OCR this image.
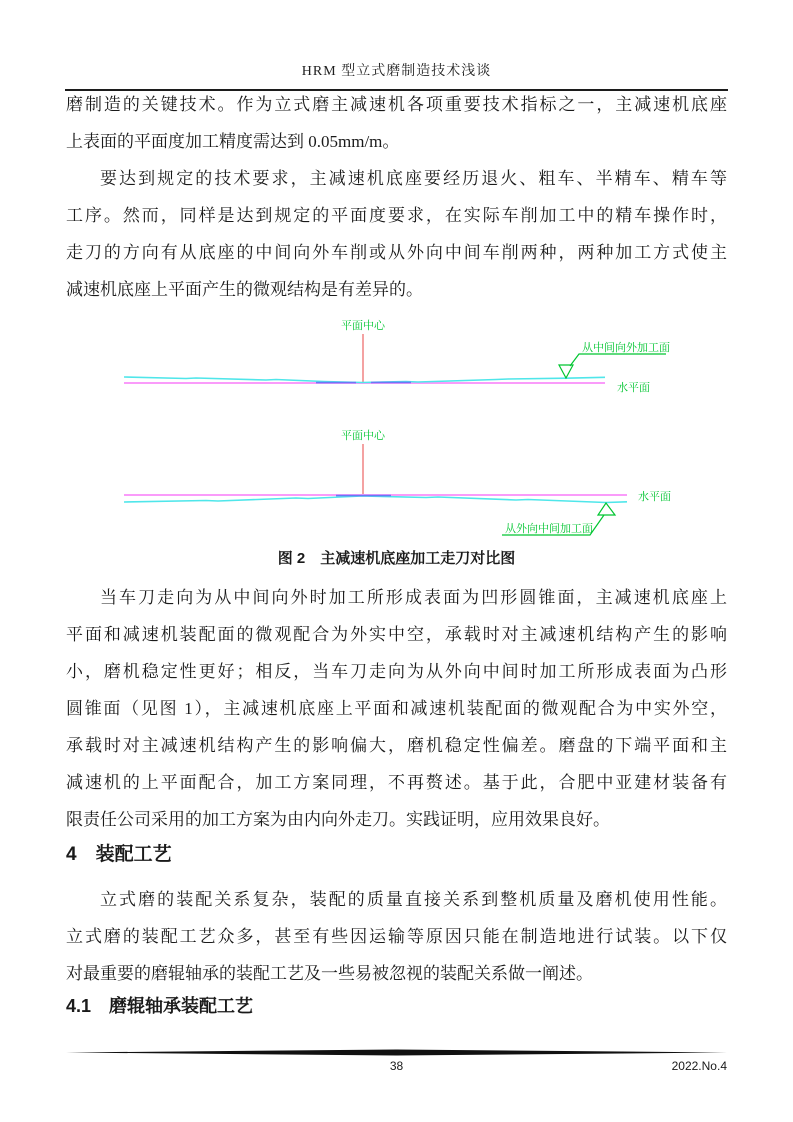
HRM 型立式磨制造技术浅谈
磨制造的关键技术。作为立式磨主减速机各项重要技术指标之一，主减速机底座
上表面的平面度加工精度需达到 0.05mm/m。
要达到规定的技术要求，主减速机底座要经历退火、粗车、半精车、精车等
工序。然而，同样是达到规定的平面度要求，在实际车削加工中的精车操作时，
走刀的方向有从底座的中间向外车削或从外向中间车削两种，两种加工方式使主
减速机底座上平面产生的微观结构是有差异的。
平面中心
从中间向外加工面
水平面
平面中心
从外向中间加工面
水平面
图 2　主减速机底座加工走刀对比图
当车刀走向为从中间向外时加工所形成表面为凹形圆锥面，主减速机底座上
平面和减速机装配面的微观配合为外实中空，承载时对主减速机结构产生的影响
小，磨机稳定性更好；相反，当车刀走向为从外向中间时加工所形成表面为凸形
圆锥面（见图 1），主减速机底座上平面和减速机装配面的微观配合为中实外空，
承载时对主减速机结构产生的影响偏大，磨机稳定性偏差。磨盘的下端平面和主
减速机的上平面配合，加工方案同理，不再赘述。基于此，合肥中亚建材装备有
限责任公司采用的加工方案为由内向外走刀。实践证明，应用效果良好。
4　装配工艺
立式磨的装配关系复杂，装配的质量直接关系到整机质量及磨机使用性能。
立式磨的装配工艺众多，甚至有些因运输等原因只能在制造地进行试装。以下仅
对最重要的磨辊轴承的装配工艺及一些易被忽视的装配关系做一阐述。
4.1　磨辊轴承装配工艺
38	2022.No.4
